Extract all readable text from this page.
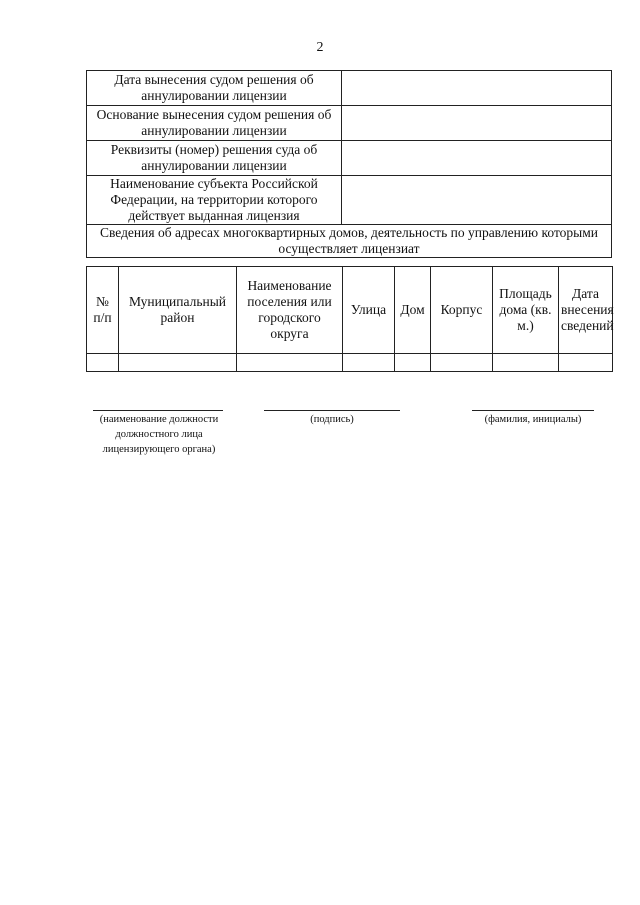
2
Дата вынесения судом решения об аннулировании лицензии	
Основание вынесения судом решения об аннулировании лицензии	
Реквизиты (номер) решения суда об аннулировании лицензии	
Наименование субъекта Российской Федерации, на территории которого действует выданная лицензия	
Сведения об адресах многоквартирных домов, деятельность по управлению которыми осуществляет лицензиат	
№ п/п	Муниципальный район	Наименование поселения или городского округа	Улица	Дом	Корпус	Площадь дома (кв. м.)	Дата внесения сведений

(наименование должности должностного лица лицензирующего органа)
(подпись)	(фамилия, инициалы)
